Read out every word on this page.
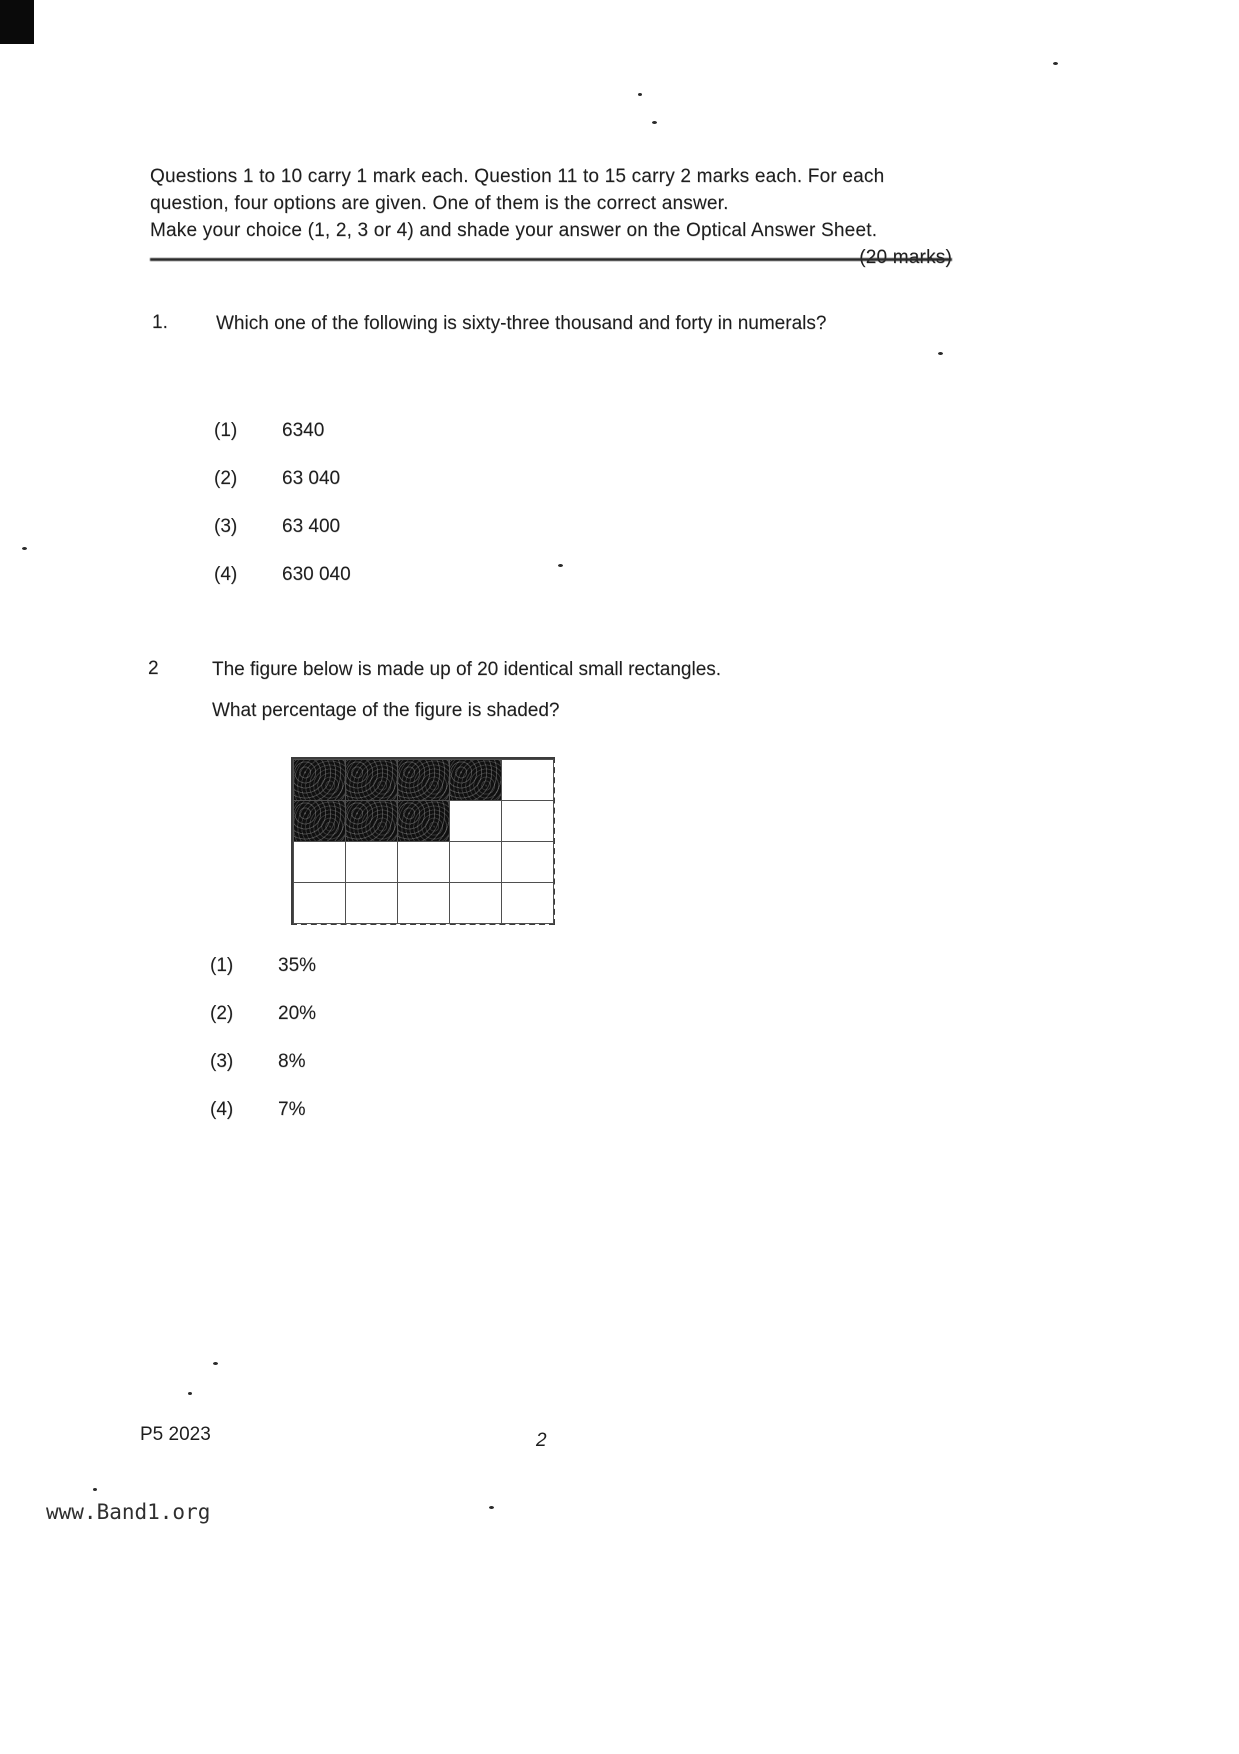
Questions 1 to 10 carry 1 mark each. Question 11 to 15 carry 2 marks each. For each
question, four options are given. One of them is the correct answer.
Make your choice (1, 2, 3 or 4) and shade your answer on the Optical Answer Sheet.
(20 marks)
1.	Which one of the following is sixty-three thousand and forty in numerals?
(1)	6340
(2)	63 040
(3)	63 400
(4)	630 040
2	The figure below is made up of 20 identical small rectangles.
What percentage of the figure is shaded?
(1)	35%
(2)	20%
(3)	8%
(4)	7%
P5 2023	2
www.Band1.org
